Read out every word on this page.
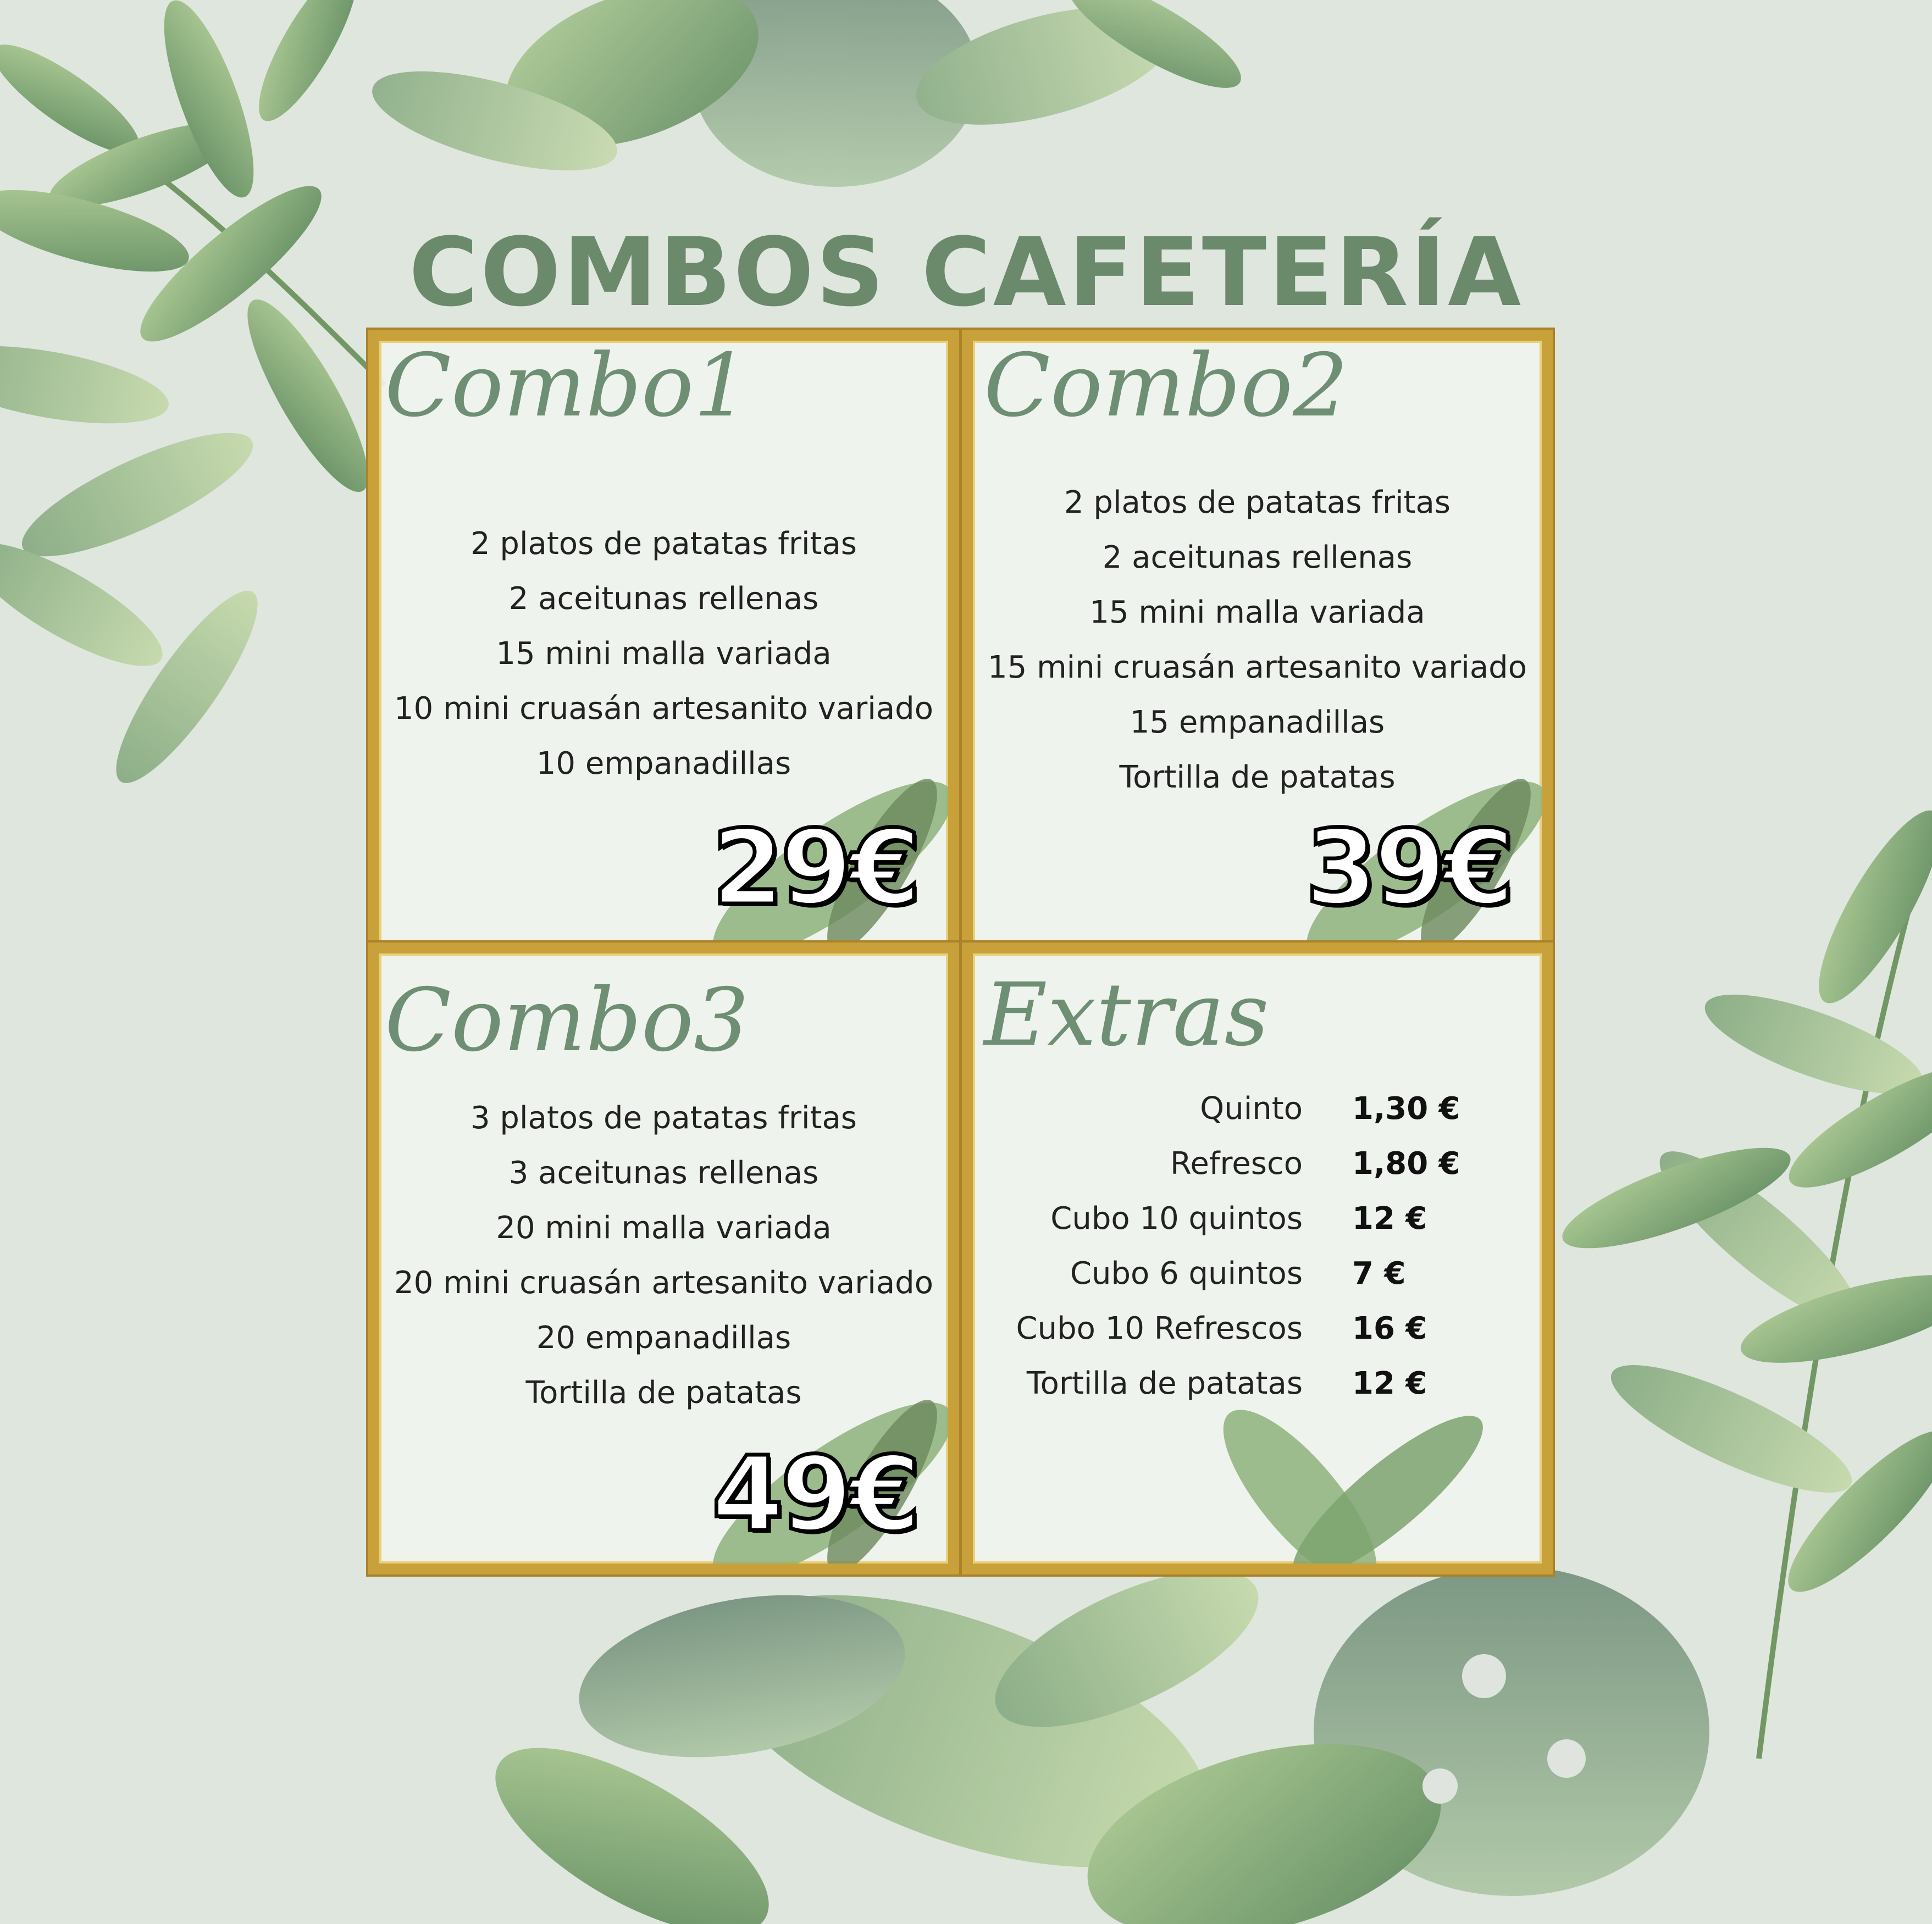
COMBOS CAFETERÍA
Combo1
2 platos de patatas fritas
2 aceitunas rellenas
15 mini malla variada
10 mini cruasán artesanito variado
10 empanadillas
29€
Combo2
2 platos de patatas fritas
2 aceitunas rellenas
15 mini malla variada
15 mini cruasán artesanito variado
15 empanadillas
Tortilla de patatas
39€
Combo3
3 platos de patatas fritas
3 aceitunas rellenas
20 mini malla variada
20 mini cruasán artesanito variado
20 empanadillas
Tortilla de patatas
49€
Extras
Quinto 1,30 €
Refresco 1,80 €
Cubo 10 quintos 12 €
Cubo 6 quintos 7 €
Cubo 10 Refrescos 16 €
Tortilla de patatas 12 €
